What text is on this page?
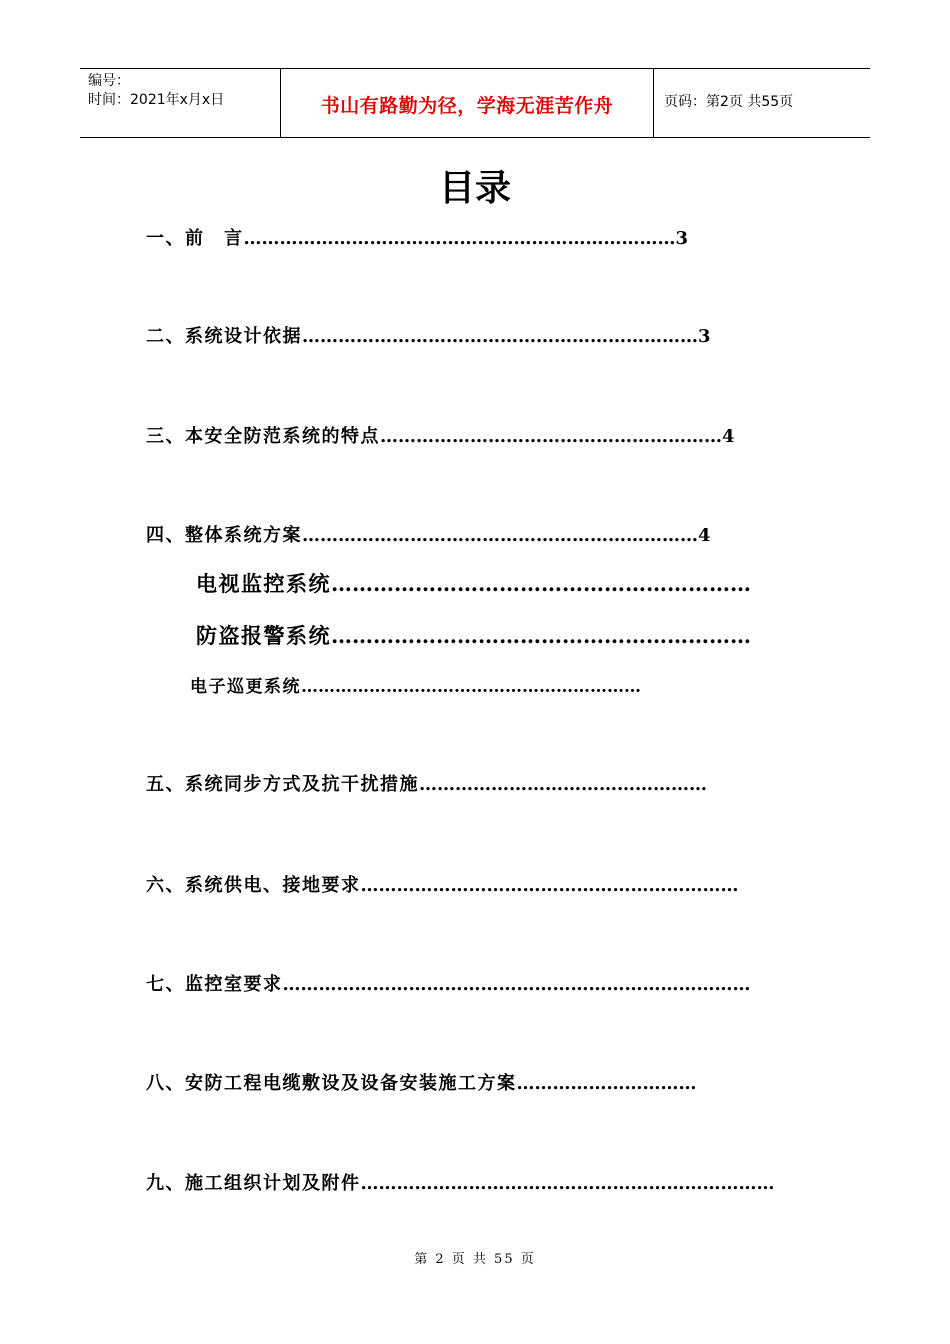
编号：
时间：2021年x月x日	书山有路勤为径，学海无涯苦作舟	页码：第2页 共55页
目录
一、前　言………………………………………………………………3
二、系统设计依据…………………………………………………………3
三、本安全防范系统的特点…………………………………………………4
四、整体系统方案…………………………………………………………4
电视监控系统……………………………………………………
防盗报警系统……………………………………………………
电子巡更系统……………………………………………………
五、系统同步方式及抗干扰措施…………………………………………
六、系统供电、接地要求………………………………………………………
七、监控室要求……………………………………………………………………
八、安防工程电缆敷设及设备安装施工方案…………………………
九、施工组织计划及附件……………………………………………………………
第 2 页 共 55 页
